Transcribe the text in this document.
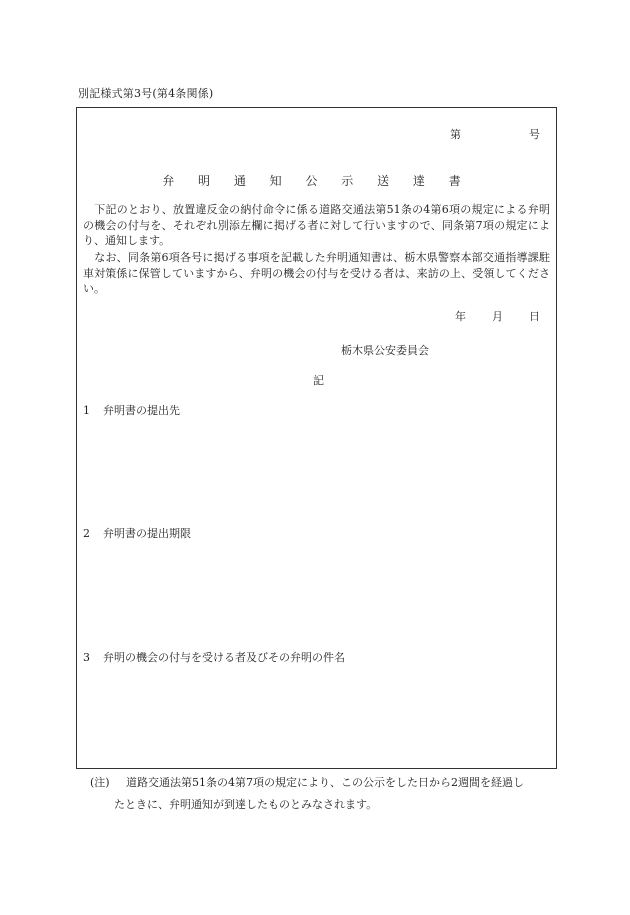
別記様式第3号(第4条関係)
第	号
弁 明 通 知 公 示 送 達 書
下記のとおり、放置違反金の納付命令に係る道路交通法第51条の4第6項の規定による弁明の機会の付与を、それぞれ別添左欄に掲げる者に対して行いますので、同条第7項の規定により、通知します。
なお、同条第6項各号に掲げる事項を記載した弁明通知書は、栃木県警察本部交通指導課駐車対策係に保管していますから、弁明の機会の付与を受ける者は、来訪の上、受領してください。
年 月 日
栃木県公安委員会
記
1 弁明書の提出先
2 弁明書の提出期限
3 弁明の機会の付与を受ける者及びその弁明の件名
(注) 道路交通法第51条の4第7項の規定により、この公示をした日から2週間を経過し
たときに、弁明通知が到達したものとみなされます。
